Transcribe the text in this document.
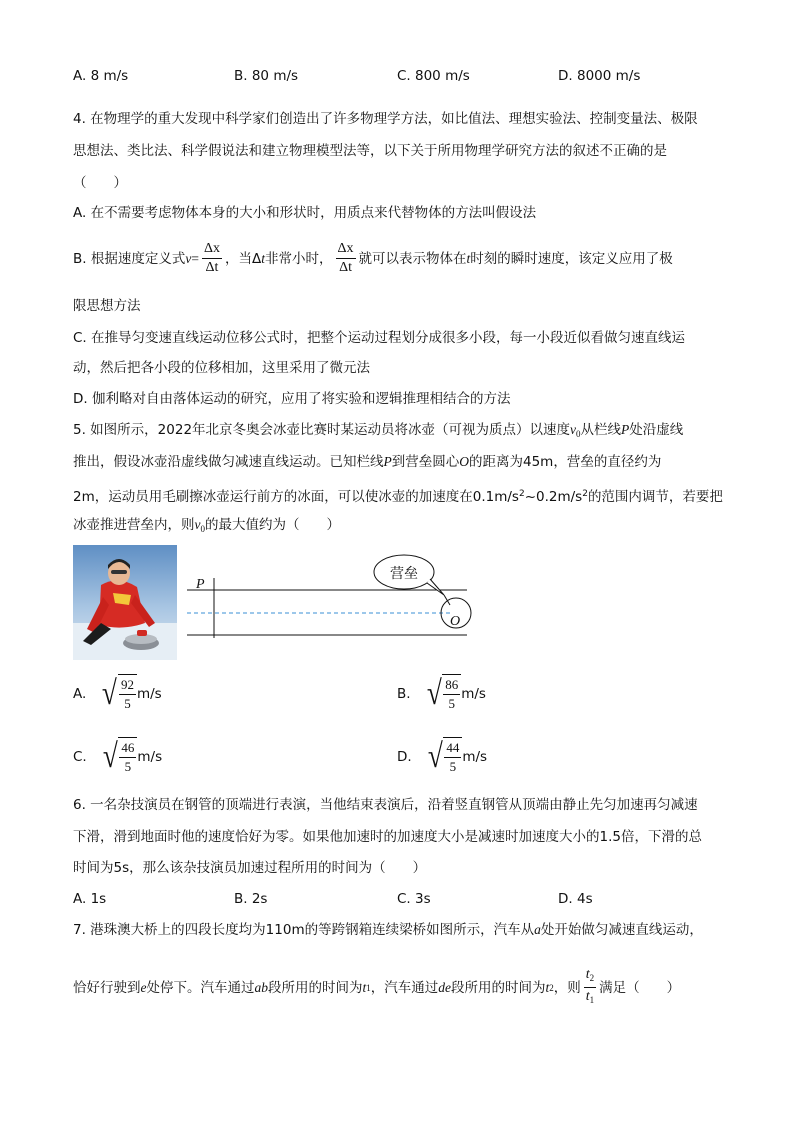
A. 8 m/s	B. 80 m/s	C. 800 m/s	D. 8000 m/s
4. 在物理学的重大发现中科学家们创造出了许多物理学方法，如比值法、理想实验法、控制变量法、极限
思想法、类比法、科学假说法和建立物理模型法等，以下关于所用物理学研究方法的叙述不正确的是
（　　）
A. 在不需要考虑物体本身的大小和形状时，用质点来代替物体的方法叫假设法
B. 根据速度定义式 $v = \frac{\Delta x}{\Delta t}$ ，当Δ t 非常小时， $\frac{\Delta x}{\Delta t}$ 就可以表示物体在 t 时刻的瞬时速度，该定义应用了极
限思想方法
C. 在推导匀变速直线运动位移公式时，把整个运动过程划分成很多小段，每一小段近似看做匀速直线运
动，然后把各小段的位移相加，这里采用了微元法
D. 伽利略对自由落体运动的研究，应用了将实验和逻辑推理相结合的方法
5. 如图所示，2022年北京冬奥会冰壶比赛时某运动员将冰壶（可视为质点）以速度$v_0$从栏线P处沿虚线
推出，假设冰壶沿虚线做匀减速直线运动。已知栏线P到营垒圆心O的距离为45m，营垒的直径约为
2m，运动员用毛刷擦冰壶运行前方的冰面，可以使冰壶的加速度在$0.1m/s^2\sim 0.2m/s^2$的范围内调节，若要把
冰壶推进营垒内，则$v_0$的最大值约为（　　）
P
O
营垒
A. √ $\frac{92}{5} m/s$	B. √ $\frac{86}{5} m/s$
C. √ $\frac{46}{5} m/s$	D. √ $\frac{44}{5} m/s$
6. 一名杂技演员在钢管的顶端进行表演，当他结束表演后，沿着竖直钢管从顶端由静止先匀加速再匀减速
下滑，滑到地面时他的速度恰好为零。如果他加速时的加速度大小是减速时加速度大小的1.5倍，下滑的总
时间为5s，那么该杂技演员加速过程所用的时间为（　　）
A. 1s	B. 2s	C. 3s	D. 4s
7. 港珠澳大桥上的四段长度均为110m的等跨钢箱连续梁桥如图所示，汽车从a处开始做匀减速直线运动，
恰好行驶到 e 处停下。汽车通过 ab 段所用的时间为 t 1 ，汽车通过 de 段所用的时间为 t 2 ，则 $\frac{t_2}{t_1}$ 满足（　　）
